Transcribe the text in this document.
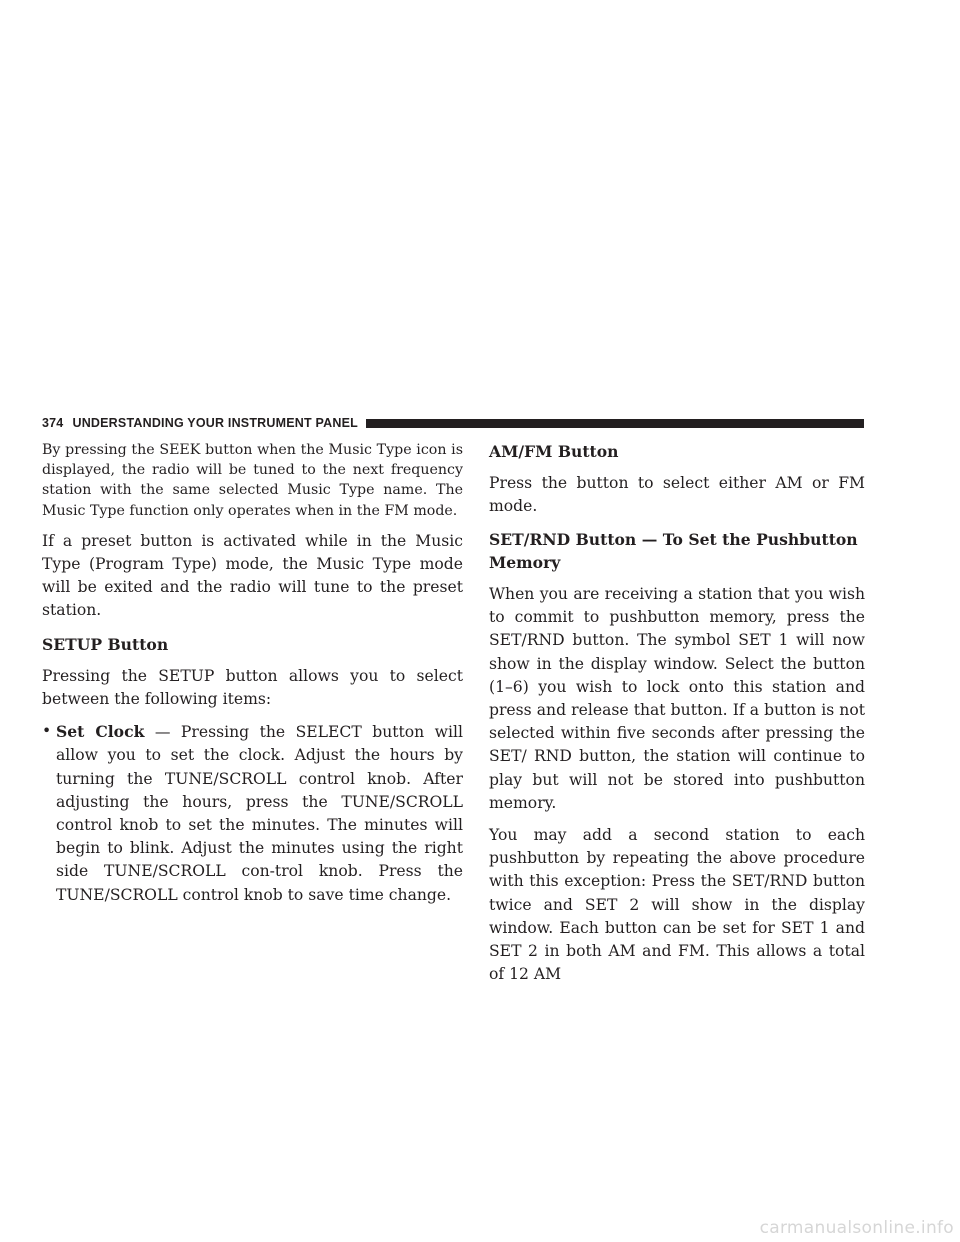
374 UNDERSTANDING YOUR INSTRUMENT PANEL

By pressing the SEEK button when the Music Type icon is displayed, the radio will be tuned to the next frequency station with the same selected Music Type name. The Music Type function only operates when in the FM mode.

If a preset button is activated while in the Music Type (Program Type) mode, the Music Type mode will be exited and the radio will tune to the preset station.

SETUP Button

Pressing the SETUP button allows you to select between the following items:

• Set Clock — Pressing the SELECT button will allow you to set the clock. Adjust the hours by turning the TUNE/SCROLL control knob. After adjusting the hours, press the TUNE/SCROLL control knob to set the minutes. The minutes will begin to blink. Adjust the minutes using the right side TUNE/SCROLL con-trol knob. Press the TUNE/SCROLL control knob to save time change.

AM/FM Button

Press the button to select either AM or FM mode.

SET/RND Button — To Set the Pushbutton Memory

When you are receiving a station that you wish to commit to pushbutton memory, press the SET/RND button. The symbol SET 1 will now show in the display window. Select the button (1–6) you wish to lock onto this station and press and release that button. If a button is not selected within five seconds after pressing the SET/ RND button, the station will continue to play but will not be stored into pushbutton memory.

You may add a second station to each pushbutton by repeating the above procedure with this exception: Press the SET/RND button twice and SET 2 will show in the display window. Each button can be set for SET 1 and SET 2 in both AM and FM. This allows a total of 12 AM

carmanualsonline.info
